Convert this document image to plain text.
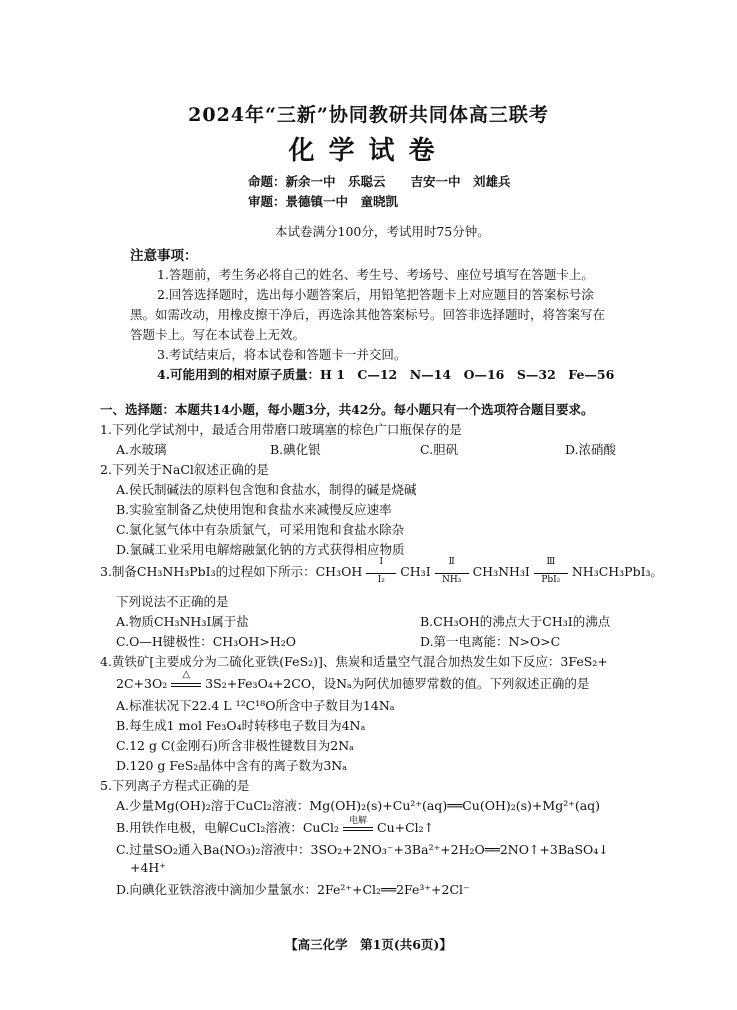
2024年“三新”协同教研共同体高三联考
化学试卷
命题：新余一中　乐聪云　　吉安一中　刘雄兵
审题：景德镇一中　童晓凯
本试卷满分100分，考试用时75分钟。
注意事项：
1.答题前，考生务必将自己的姓名、考生号、考场号、座位号填写在答题卡上。
2.回答选择题时，选出每小题答案后，用铅笔把答题卡上对应题目的答案标号涂
黑。如需改动，用橡皮擦干净后，再选涂其他答案标号。回答非选择题时，将答案写在
答题卡上。写在本试卷上无效。
3.考试结束后，将本试卷和答题卡一并交回。
4.可能用到的相对原子质量：H 1　C—12　N—14　O—16　S—32　Fe—56
一、选择题：本题共14小题，每小题3分，共42分。每小题只有一个选项符合题目要求。
1.下列化学试剂中，最适合用带磨口玻璃塞的棕色广口瓶保存的是
A.水玻璃	B.碘化银	C.胆矾	D.浓硝酸
2.下列关于NaCl叙述正确的是
A.侯氏制碱法的原料包含饱和食盐水，制得的碱是烧碱
B.实验室制备乙炔使用饱和食盐水来减慢反应速率
C.氯化氢气体中有杂质氯气，可采用饱和食盐水除杂
D.氯碱工业采用电解熔融氯化钠的方式获得相应物质
3.制备CH₃NH₃PbI₃的过程如下所示：CH₃OH
Ⅰ
I₂
CH₃I
Ⅱ
NH₃
CH₃NH₃I
Ⅲ
PbI₂
NH₃CH₃PbI₃。
下列说法不正确的是
A.物质CH₃NH₃I属于盐	B.CH₃OH的沸点大于CH₃I的沸点
C.O—H键极性：CH₃OH>H₂O	D.第一电离能：N>O>C
4.黄铁矿[主要成分为二硫化亚铁(FeS₂)]、焦炭和适量空气混合加热发生如下反应：3FeS₂+
2C+3O₂
△
3S₂+Fe₃O₄+2CO，设Nₐ为阿伏加德罗常数的值。下列叙述正确的是
A.标准状况下22.4 L ¹²C¹⁸O所含中子数目为14Nₐ
B.每生成1 mol Fe₃O₄时转移电子数目为4Nₐ
C.12 g C(金刚石)所含非极性键数目为2Nₐ
D.120 g FeS₂晶体中含有的离子数为3Nₐ
5.下列离子方程式正确的是
A.少量Mg(OH)₂溶于CuCl₂溶液：Mg(OH)₂(s)+Cu²⁺(aq)══Cu(OH)₂(s)+Mg²⁺(aq)
B.用铁作电极，电解CuCl₂溶液：CuCl₂	电解 Cu+Cl₂↑
C.过量SO₂通入Ba(NO₃)₂溶液中：3SO₂+2NO₃⁻+3Ba²⁺+2H₂O══2NO↑+3BaSO₄↓
+4H⁺
D.向碘化亚铁溶液中滴加少量氯水：2Fe²⁺+Cl₂══2Fe³⁺+2Cl⁻
【高三化学　第1页(共6页)】
